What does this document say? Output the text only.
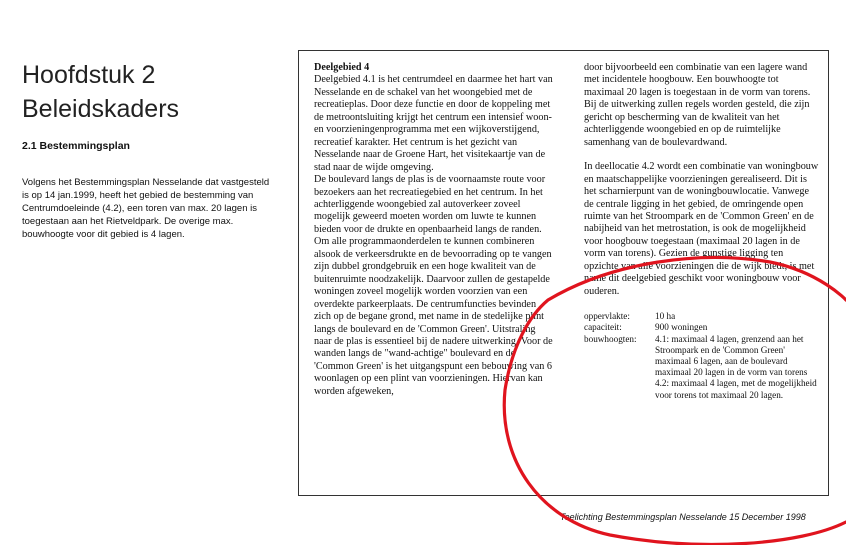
Hoofdstuk 2
Beleidskaders
2.1 Bestemmingsplan

Volgens het Bestemmingsplan Nesselande dat vastgesteld is op 14 jan.1999, heeft het gebied de bestemming van Centrumdoeleinde (4.2), een toren van max. 20 lagen is toegestaan aan het Rietveldpark. De overige max. bouwhoogte voor dit gebied is 4 lagen.

Deelgebied 4

Deelgebied 4.1 is het centrumdeel en daarmee het hart van Nesselande en de schakel van het woongebied met de recreatieplas. Door deze functie en door de koppeling met de metroontsluiting krijgt het centrum een intensief woon- en voorzieningenprogramma met een wijkoverstijgend, recreatief karakter. Het centrum is het gezicht van Nesselande naar de Groene Hart, het visitekaartje van de stad naar de wijde omgeving.

De boulevard langs de plas is de voornaamste route voor bezoekers aan het recreatiegebied en het centrum. In het achterliggende woongebied zal autoverkeer zoveel mogelijk geweerd moeten worden om luwte te kunnen bieden voor de drukte en openbaarheid langs de randen.

Om alle programmaonderdelen te kunnen combineren alsook de verkeersdrukte en de bevoorrading op te vangen zijn dubbel grondgebruik en een hoge kwaliteit van de buitenruimte noodzakelijk. Daarvoor zullen de gestapelde woningen zoveel mogelijk worden voorzien van een overdekte parkeerplaats. De centrumfuncties bevinden zich op de begane grond, met name in de stedelijke plint langs de boulevard en de 'Common Green'. Uitstraling naar de plas is essentieel bij de nadere uitwerking. Voor de wanden langs de "wand-achtige" boulevard en de 'Common Green' is het uitgangspunt een bebouwing van 6 woonlagen op een plint van voorzieningen. Hiervan kan worden afgeweken,

door bijvoorbeeld een combinatie van een lagere wand met incidentele hoogbouw. Een bouwhoogte tot maximaal 20 lagen is toegestaan in de vorm van torens. Bij de uitwerking zullen regels worden gesteld, die zijn gericht op bescherming van de kwaliteit van het achterliggende woongebied en op de ruimtelijke samenhang van de boulevardwand.

In deellocatie 4.2 wordt een combinatie van woningbouw en maatschappelijke voorzieningen gerealiseerd. Dit is het scharnierpunt van de woningbouwlocatie. Vanwege de centrale ligging in het gebied, de omringende open ruimte van het Stroompark en de 'Common Green' en de nabijheid van het metrostation, is ook de mogelijkheid voor hoogbouw toegestaan (maximaal 20 lagen in de vorm van torens). Gezien de gunstige ligging ten opzichte van alle voorzieningen die de wijk biedt, is met name dit deelgebied geschikt voor woningbouw voor ouderen.

oppervlakte:	10 ha
capaciteit:	900 woningen
bouwhoogten:	4.1: maximaal 4 lagen, grenzend aan het Stroompark en de 'Common Green' maximaal 6 lagen, aan de boulevard maximaal 20 lagen in de vorm van torens
4.2: maximaal 4 lagen, met de mogelijkheid voor torens tot maximaal 20 lagen.

Toelichting Bestemmingsplan Nesselande 15 December 1998
